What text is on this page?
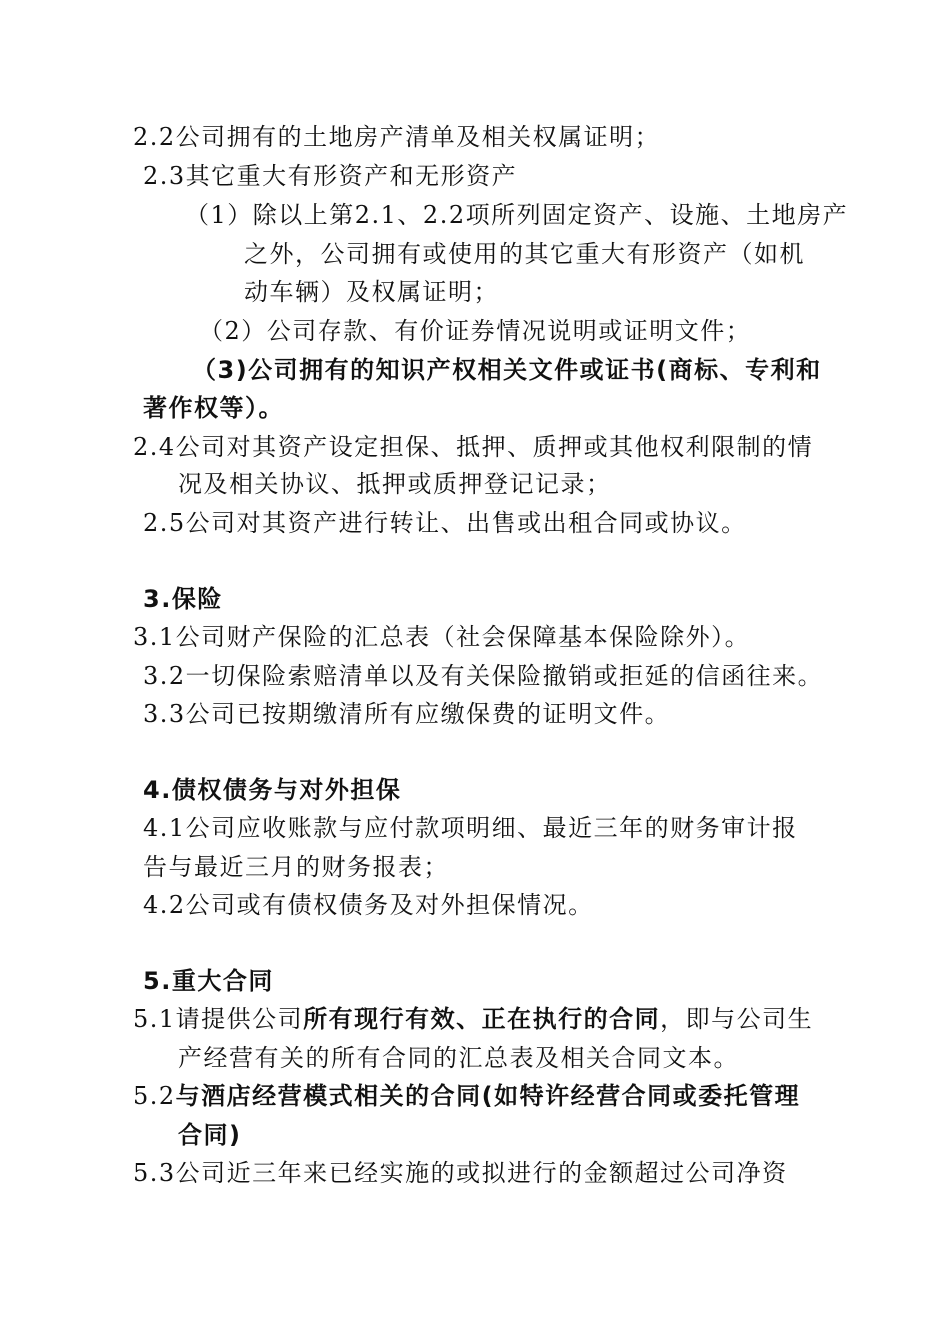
2.2公司拥有的土地房产清单及相关权属证明；
2.3其它重大有形资产和无形资产
（1）除以上第2.1、2.2项所列固定资产、设施、土地房产
之外，公司拥有或使用的其它重大有形资产（如机
动车辆）及权属证明；
（2）公司存款、有价证券情况说明或证明文件；
（3)公司拥有的知识产权相关文件或证书(商标、专利和
著作权等）。
2.4公司对其资产设定担保、抵押、质押或其他权利限制的情
况及相关协议、抵押或质押登记记录；
2.5公司对其资产进行转让、出售或出租合同或协议。
3.保险
3.1公司财产保险的汇总表（社会保障基本保险除外）。
3.2一切保险索赔清单以及有关保险撤销或拒延的信函往来。
3.3公司已按期缴清所有应缴保费的证明文件。
4.债权债务与对外担保
4.1公司应收账款与应付款项明细、最近三年的财务审计报
告与最近三月的财务报表；
4.2公司或有债权债务及对外担保情况。
5.重大合同
5.1请提供公司所有现行有效、正在执行的合同，即与公司生
产经营有关的所有合同的汇总表及相关合同文本。
5.2与酒店经营模式相关的合同(如特许经营合同或委托管理
合同)
5.3公司近三年来已经实施的或拟进行的金额超过公司净资
